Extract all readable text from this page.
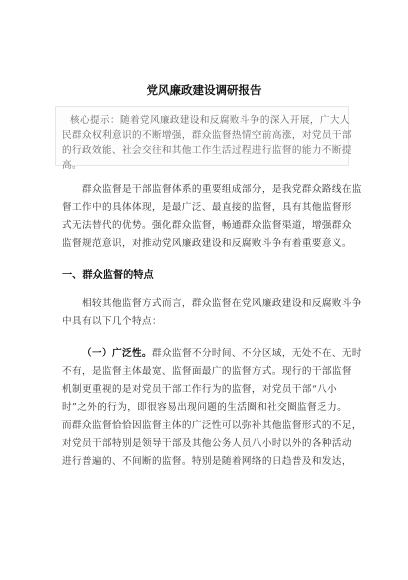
党风廉政建设调研报告
核心提示：随着党风廉政建设和反腐败斗争的深入开展，广大人
民群众权利意识的不断增强，群众监督热情空前高涨，对党员干部
的行政效能、社会交往和其他工作生活过程进行监督的能力不断提
高。
群众监督是干部监督体系的重要组成部分，是我党群众路线在监
督工作中的具体体现，是最广泛、最直接的监督，具有其他监督形
式无法替代的优势。强化群众监督，畅通群众监督渠道，增强群众
监督规范意识，对推动党风廉政建设和反腐败斗争有着重要意义。
一、群众监督的特点
相较其他监督方式而言，群众监督在党风廉政建设和反腐败斗争
中具有以下几个特点：
（一）广泛性。群众监督不分时间、不分区域，无处不在、无时
不有，是监督主体最宽、监督面最广的监督方式。现行的干部监督
机制更重视的是对党员干部工作行为的监督，对党员干部“八小
时”之外的行为，即很容易出现问题的生活圈和社交圈监督乏力。
而群众监督恰恰因监督主体的广泛性可以弥补其他监督形式的不足，
对党员干部特别是领导干部及其他公务人员八小时以外的各种活动
进行普遍的、不间断的监督。特别是随着网络的日趋普及和发达，
